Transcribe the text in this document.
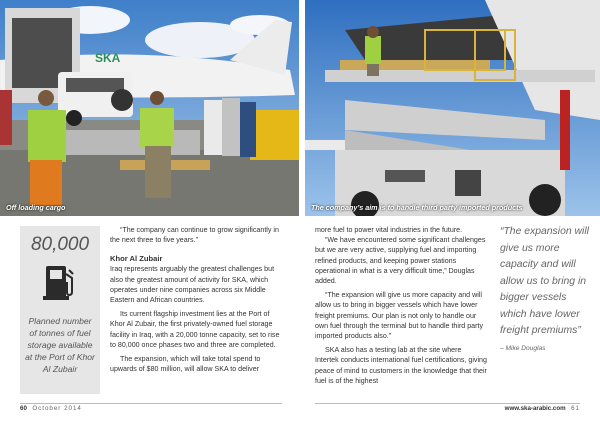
SKA
Off loading cargo	The company’s aim is to handle third party imported products
80,000
Planned number of tonnes of fuel storage available at the Port of Khor Al Zubair

“The company can continue to grow significantly in the next three to five years.”

Khor Al Zubair

Iraq represents arguably the greatest challenges but also the greatest amount of activity for SKA, which operates under nine companies across six Middle Eastern and African countries.

Its current flagship investment lies at the Port of Khor Al Zubair, the first privately-owned fuel storage facility in Iraq, with a 20,000 tonne capacity, set to rise to 80,000 once phases two and three are completed.

The expansion, which will take total spend to upwards of $80 million, will allow SKA to deliver

more fuel to power vital industries in the future.

“We have encountered some significant challenges but we are very active, supplying fuel and importing refined products, and keeping power stations operational in what is a very difficult time,” Douglas added.

“The expansion will give us more capacity and will allow us to bring in bigger vessels which have lower freight premiums. Our plan is not only to handle our own fuel through the terminal but to handle third party imported products also.”

SKA also has a testing lab at the site where Intertek conducts international fuel certifications, giving peace of mind to customers in the knowledge that their fuel is of the highest

“The expansion will give us more capacity and will allow us to bring in bigger vessels which have lower freight premiums”
– Mike Douglas
60 October 2014	www.ska-arabic.com 61
